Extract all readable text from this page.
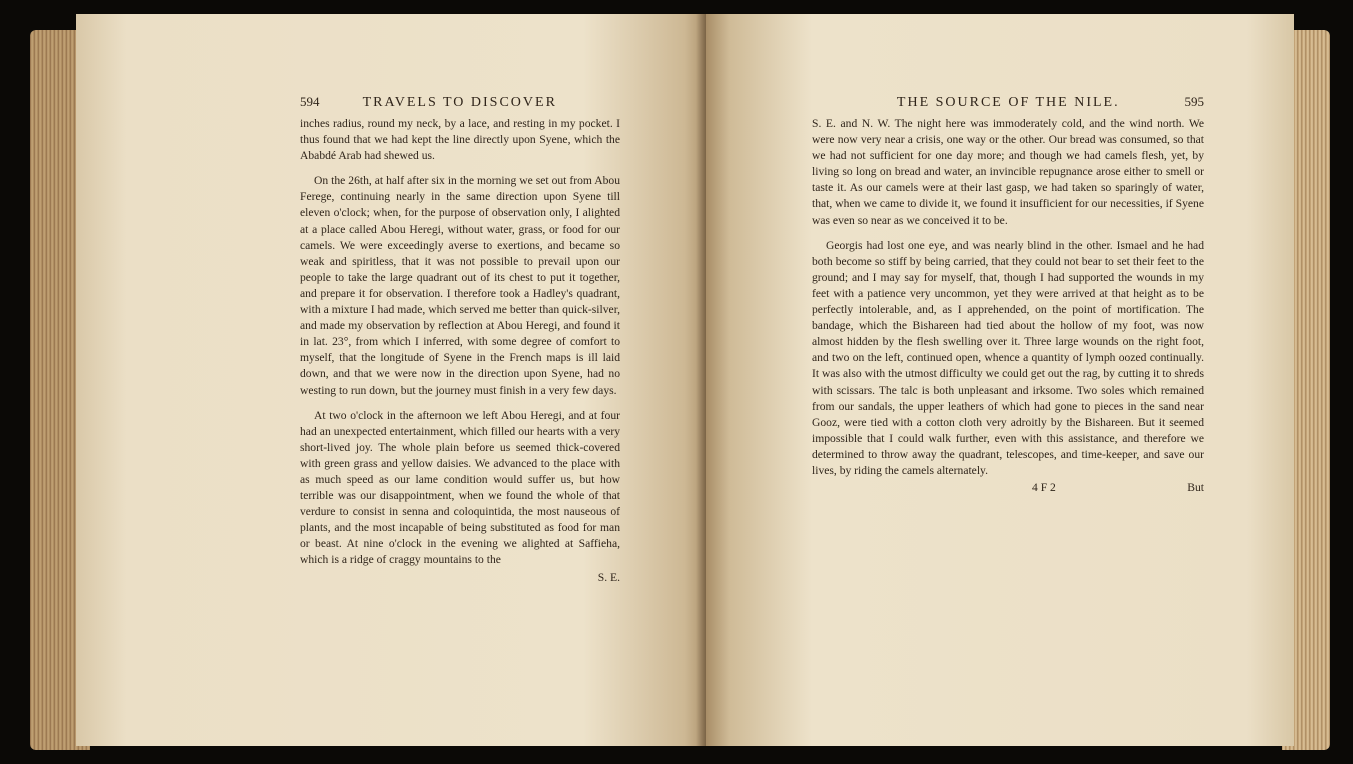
594	TRAVELS TO DISCOVER

inches radius, round my neck, by a lace, and resting in my pocket. I thus found that we had kept the line directly upon Syene, which the Ababdé Arab had shewed us.

On the 26th, at half after six in the morning we set out from Abou Ferege, continuing nearly in the same direction upon Syene till eleven o'clock; when, for the purpose of observation only, I alighted at a place called Abou Heregi, without water, grass, or food for our camels. We were exceedingly averse to exertions, and became so weak and spiritless, that it was not possible to prevail upon our people to take the large quadrant out of its chest to put it together, and prepare it for observation. I therefore took a Hadley's quadrant, with a mixture I had made, which served me better than quick-silver, and made my observation by reflection at Abou Heregi, and found it in lat. 23°, from which I inferred, with some degree of comfort to myself, that the longitude of Syene in the French maps is ill laid down, and that we were now in the direction upon Syene, had no westing to run down, but the journey must finish in a very few days.

At two o'clock in the afternoon we left Abou Heregi, and at four had an unexpected entertainment, which filled our hearts with a very short-lived joy. The whole plain before us seemed thick-covered with green grass and yellow daisies. We advanced to the place with as much speed as our lame condition would suffer us, but how terrible was our disappointment, when we found the whole of that verdure to consist in senna and coloquintida, the most nauseous of plants, and the most incapable of being substituted as food for man or beast. At nine o'clock in the evening we alighted at Saffieha, which is a ridge of craggy mountains to the

S. E.
THE SOURCE OF THE NILE.	595

S. E. and N. W. The night here was immoderately cold, and the wind north. We were now very near a crisis, one way or the other. Our bread was consumed, so that we had not sufficient for one day more; and though we had camels flesh, yet, by living so long on bread and water, an invincible repugnance arose either to smell or taste it. As our camels were at their last gasp, we had taken so sparingly of water, that, when we came to divide it, we found it insufficient for our necessities, if Syene was even so near as we conceived it to be.

Georgis had lost one eye, and was nearly blind in the other. Ismael and he had both become so stiff by being carried, that they could not bear to set their feet to the ground; and I may say for myself, that, though I had supported the wounds in my feet with a patience very uncommon, yet they were arrived at that height as to be perfectly intolerable, and, as I apprehended, on the point of mortification. The bandage, which the Bishareen had tied about the hollow of my foot, was now almost hidden by the flesh swelling over it. Three large wounds on the right foot, and two on the left, continued open, whence a quantity of lymph oozed continually. It was also with the utmost difficulty we could get out the rag, by cutting it to shreds with scissars. The talc is both unpleasant and irksome. Two soles which remained from our sandals, the upper leathers of which had gone to pieces in the sand near Gooz, were tied with a cotton cloth very adroitly by the Bishareen. But it seemed impossible that I could walk further, even with this assistance, and therefore we determined to throw away the quadrant, telescopes, and time-keeper, and save our lives, by riding the camels alternately.

4 F 2	But
